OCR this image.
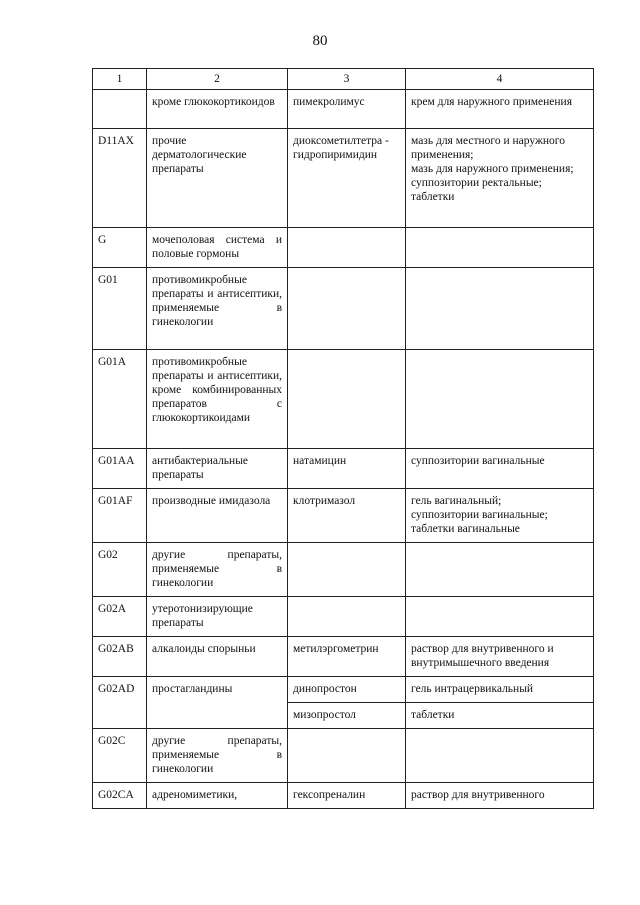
80
1	2	3	4

	кроме глюкокортикоидов	пимекролимус	крем для наружного применения

D11AX	прочие дерматологические препараты	диоксометилтетра - гидропиримидин	мазь для местного и наружного применения;
мазь для наружного применения;
суппозитории ректальные;
таблетки

G	мочеполовая система и половые гормоны		

G01	противомикробные препараты и антисептики, применяемые в гинекологии		

G01A	противомикробные препараты и антисептики, кроме комбинированных препаратов с глюкокортикоидами		

G01AA	антибактериальные препараты	натамицин	суппозитории вагинальные

G01AF	производные имидазола	клотримазол	гель вагинальный;
суппозитории вагинальные;
таблетки вагинальные

G02	другие препараты, применяемые в гинекологии		

G02A	утеротонизирующие препараты		

G02AB	алкалоиды спорыньи	метилэргометрин	раствор для внутривенного и внутримышечного введения

G02AD	простагландины	динопростон	гель интрацервикальный

		мизопростол	таблетки

G02C	другие препараты, применяемые в гинекологии		

G02CA	адреномиметики,	гексопреналин	раствор для внутривенного
